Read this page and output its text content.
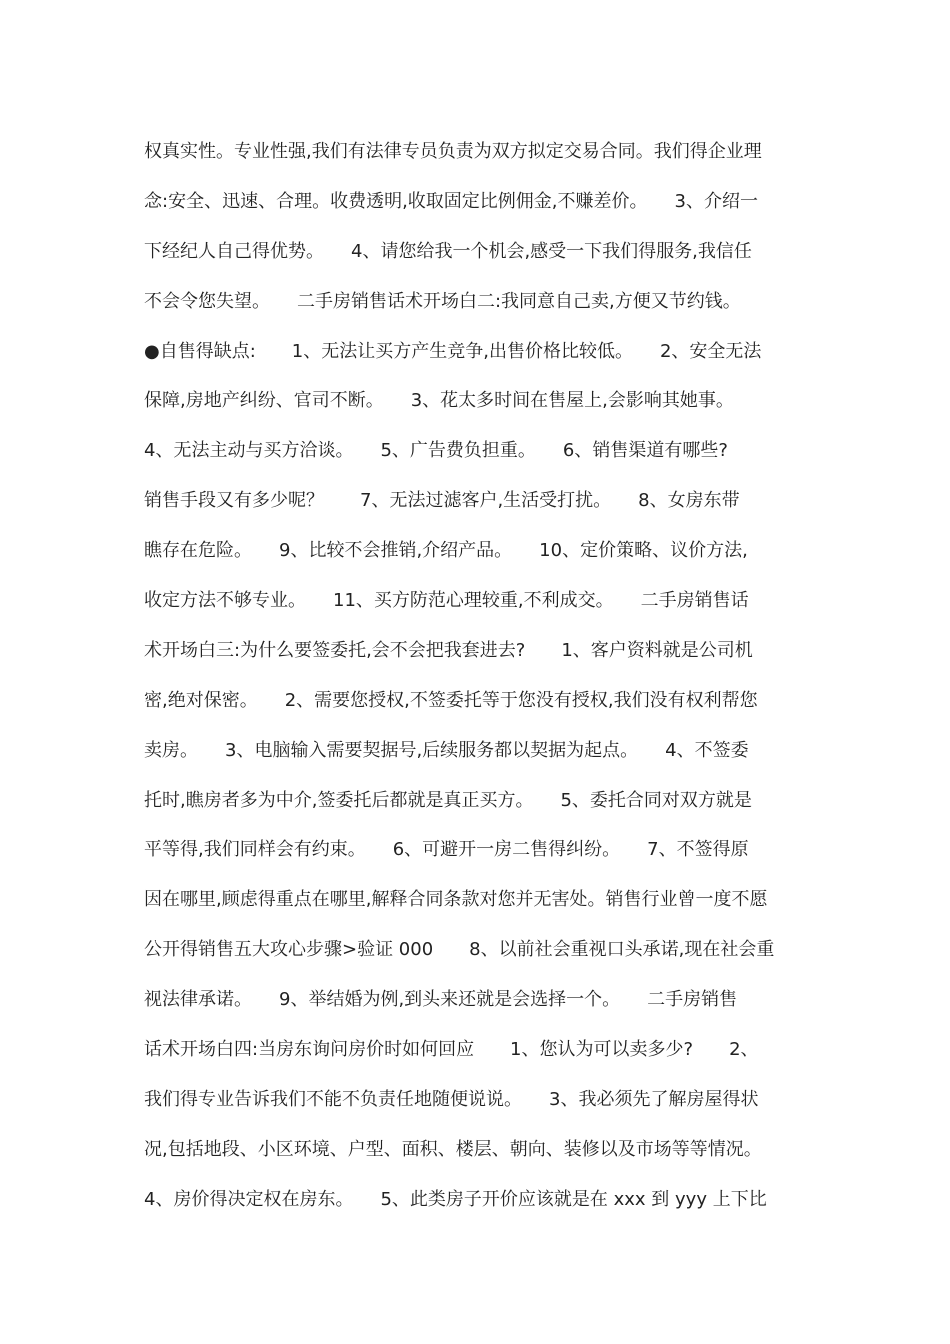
权真实性。专业性强,我们有法律专员负责为双方拟定交易合同。我们得企业理
念:安全、迅速、合理。收费透明,收取固定比例佣金,不赚差价。　　3、介绍一
下经纪人自己得优势。　　4、请您给我一个机会,感受一下我们得服务,我信任
不会令您失望。　　二手房销售话术开场白二:我同意自己卖,方便又节约钱。
●自售得缺点:　　1、无法让买方产生竞争,出售价格比较低。　　2、安全无法
保障,房地产纠纷、官司不断。　　3、花太多时间在售屋上,会影响其她事。
4、无法主动与买方洽谈。　　5、广告费负担重。　　6、销售渠道有哪些?
销售手段又有多少呢？　　7、无法过滤客户,生活受打扰。　　8、女房东带
瞧存在危险。　　9、比较不会推销,介绍产品。　　10、定价策略、议价方法,
收定方法不够专业。　　11、买方防范心理较重,不利成交。　　二手房销售话
术开场白三:为什么要签委托,会不会把我套进去?　　1、客户资料就是公司机
密,绝对保密。　　2、需要您授权,不签委托等于您没有授权,我们没有权利帮您
卖房。　　3、电脑输入需要契据号,后续服务都以契据为起点。　　4、不签委
托时,瞧房者多为中介,签委托后都就是真正买方。　　5、委托合同对双方就是
平等得,我们同样会有约束。　　6、可避开一房二售得纠纷。　　7、不签得原
因在哪里,顾虑得重点在哪里,解释合同条款对您并无害处。销售行业曾一度不愿
公开得销售五大攻心步骤>验证 000　　8、以前社会重视口头承诺,现在社会重
视法律承诺。　　9、举结婚为例,到头来还就是会选择一个。　　二手房销售
话术开场白四:当房东询问房价时如何回应　　1、您认为可以卖多少?　　2、
我们得专业告诉我们不能不负责任地随便说说。　　3、我必须先了解房屋得状
况,包括地段、小区环境、户型、面积、楼层、朝向、装修以及市场等等情况。
4、房价得决定权在房东。　　5、此类房子开价应该就是在 xxx 到 yyy 上下比
